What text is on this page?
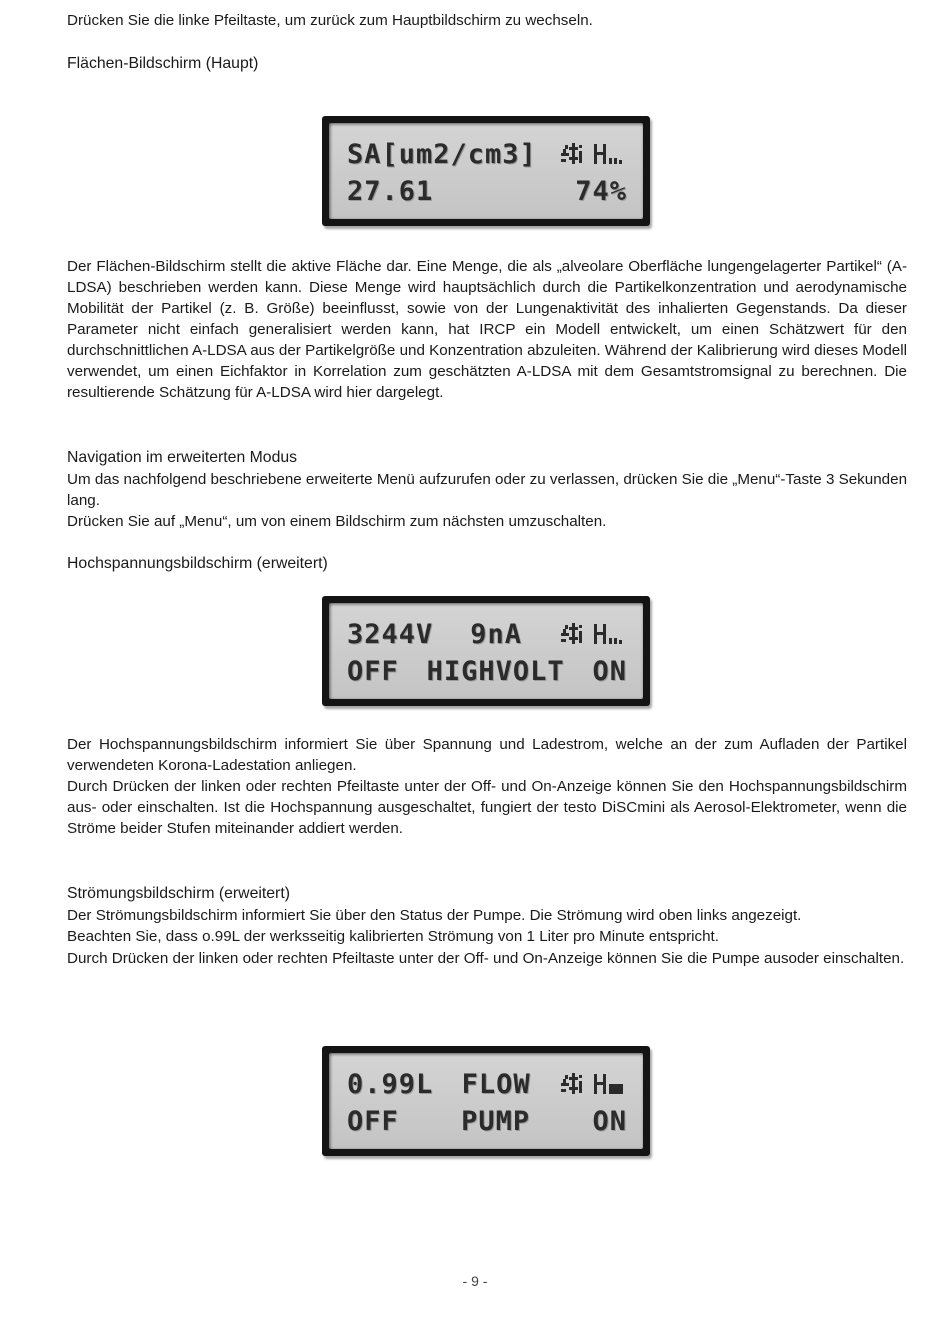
Drücken Sie die linke Pfeiltaste, um zurück zum Hauptbildschirm zu wechseln.

Flächen-Bildschirm (Haupt)

SA[um2/cm3]
27.61	74%

Der Flächen-Bildschirm stellt die aktive Fläche dar. Eine Menge, die als „alveolare Oberfläche lungengelagerter Partikel“ (A-LDSA) beschrieben werden kann. Diese Menge wird hauptsächlich durch die Partikelkonzentration und aerodynamische Mobilität der Partikel (z. B. Größe) beeinflusst, sowie von der Lungenaktivität des inhalierten Gegenstands. Da dieser Parameter nicht einfach generalisiert werden kann, hat IRCP ein Modell entwickelt, um einen Schätzwert für den durchschnittlichen A-LDSA aus der Partikelgröße und Konzentration abzuleiten. Während der Kalibrierung wird dieses Modell verwendet, um einen Eichfaktor in Korrelation zum geschätzten A-LDSA mit dem Gesamtstromsignal zu berechnen. Die resultierende Schätzung für A-LDSA wird hier dargelegt.

Navigation im erweiterten Modus

Um das nachfolgend beschriebene erweiterte Menü aufzurufen oder zu verlassen, drücken Sie die „Menu“-Taste 3 Sekunden lang.

Drücken Sie auf „Menu“, um von einem Bildschirm zum nächsten umzuschalten.

Hochspannungsbildschirm (erweitert)

3244V 9nA
OFF HIGHVOLT ON

Der Hochspannungsbildschirm informiert Sie über Spannung und Ladestrom, welche an der zum Aufladen der Partikel verwendeten Korona-Ladestation anliegen.

Durch Drücken der linken oder rechten Pfeiltaste unter der Off- und On-Anzeige können Sie den Hochspannungsbildschirm aus- oder einschalten. Ist die Hochspannung ausgeschaltet, fungiert der testo DiSCmini als Aerosol-Elektrometer, wenn die Ströme beider Stufen miteinander addiert werden.

Strömungsbildschirm (erweitert)

Der Strömungsbildschirm informiert Sie über den Status der Pumpe. Die Strömung wird oben links angezeigt.

Beachten Sie, dass o.99L der werksseitig kalibrierten Strömung von 1 Liter pro Minute entspricht.

Durch Drücken der linken oder rechten Pfeiltaste unter der Off- und On-Anzeige können Sie die Pumpe ausoder einschalten.

0.99L FLOW
OFF PUMP ON
- 9 -
